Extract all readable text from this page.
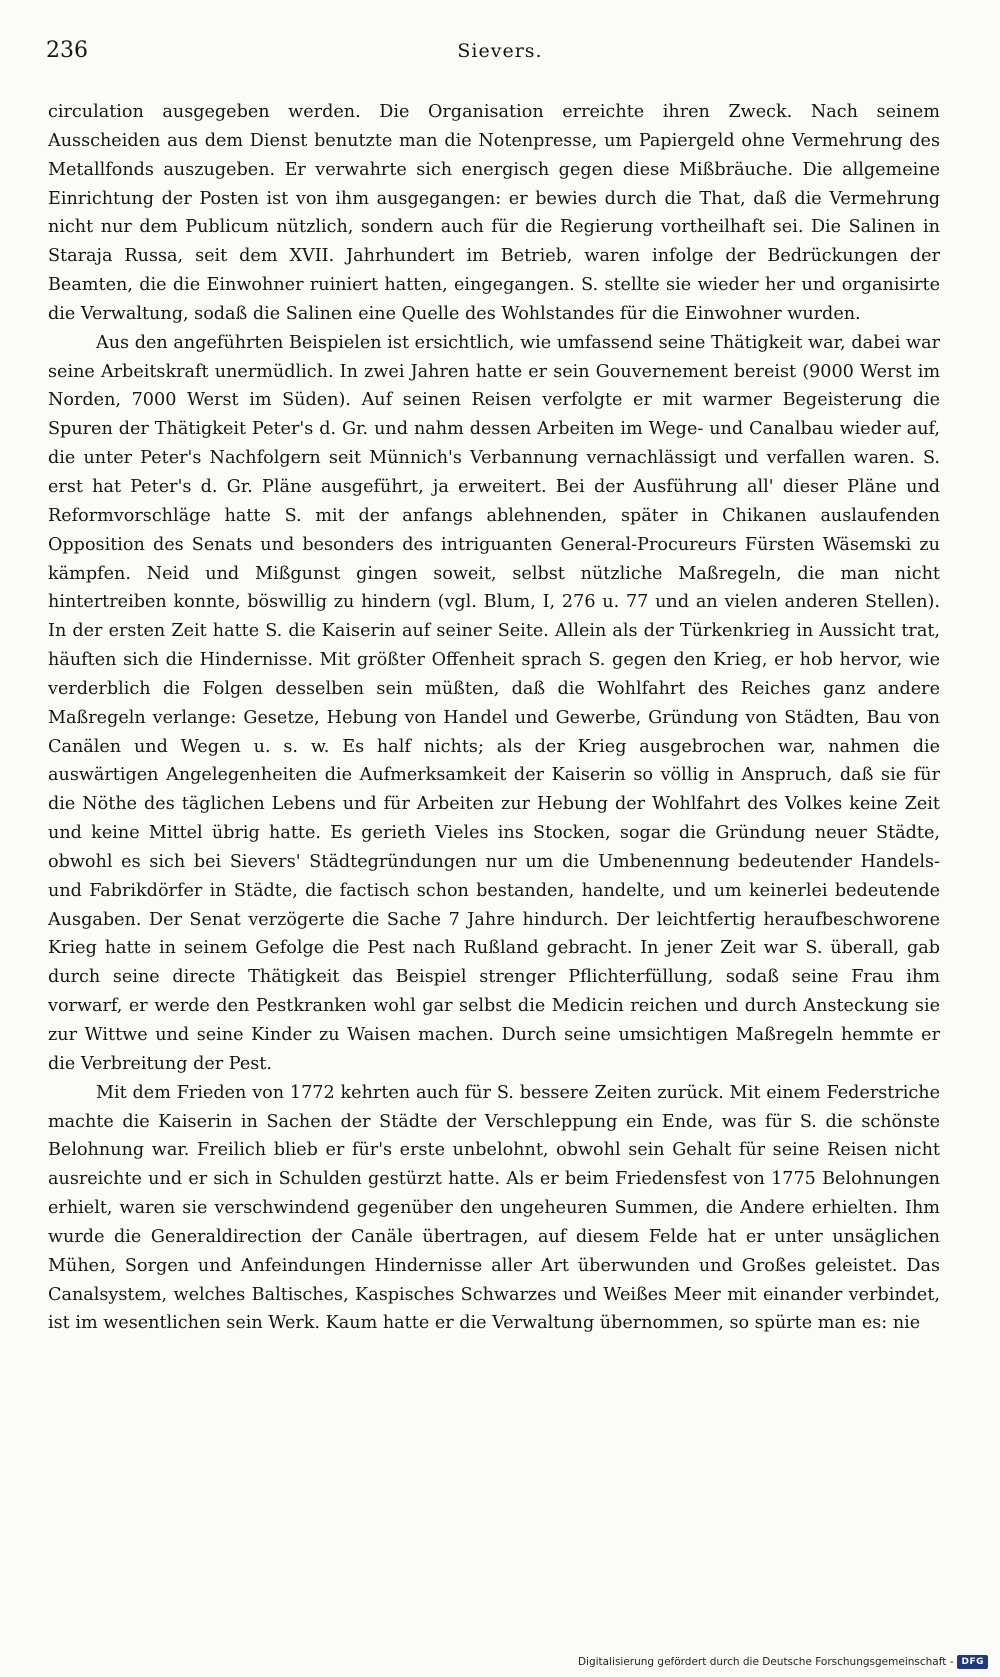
236	Sievers.

circulation ausgegeben werden. Die Organisation erreichte ihren Zweck. Nach seinem Ausscheiden aus dem Dienst benutzte man die Notenpresse, um Papiergeld ohne Vermehrung des Metallfonds auszugeben. Er verwahrte sich energisch gegen diese Mißbräuche. Die allgemeine Einrichtung der Posten ist von ihm ausgegangen: er bewies durch die That, daß die Vermehrung nicht nur dem Publicum nützlich, sondern auch für die Regierung vortheilhaft sei. Die Salinen in Staraja Russa, seit dem XVII. Jahrhundert im Betrieb, waren infolge der Bedrückungen der Beamten, die die Einwohner ruiniert hatten, eingegangen. S. stellte sie wieder her und organisirte die Verwaltung, sodaß die Salinen eine Quelle des Wohlstandes für die Einwohner wurden.

Aus den angeführten Beispielen ist ersichtlich, wie umfassend seine Thätigkeit war, dabei war seine Arbeitskraft unermüdlich. In zwei Jahren hatte er sein Gouvernement bereist (9000 Werst im Norden, 7000 Werst im Süden). Auf seinen Reisen verfolgte er mit warmer Begeisterung die Spuren der Thätigkeit Peter's d. Gr. und nahm dessen Arbeiten im Wege- und Canalbau wieder auf, die unter Peter's Nachfolgern seit Münnich's Verbannung vernachlässigt und verfallen waren. S. erst hat Peter's d. Gr. Pläne ausgeführt, ja erweitert. Bei der Ausführung all' dieser Pläne und Reformvorschläge hatte S. mit der anfangs ablehnenden, später in Chikanen auslaufenden Opposition des Senats und besonders des intriguanten General-Procureurs Fürsten Wäsemski zu kämpfen. Neid und Mißgunst gingen soweit, selbst nützliche Maßregeln, die man nicht hintertreiben konnte, böswillig zu hindern (vgl. Blum, I, 276 u. 77 und an vielen anderen Stellen). In der ersten Zeit hatte S. die Kaiserin auf seiner Seite. Allein als der Türkenkrieg in Aussicht trat, häuften sich die Hindernisse. Mit größter Offenheit sprach S. gegen den Krieg, er hob hervor, wie verderblich die Folgen desselben sein müßten, daß die Wohlfahrt des Reiches ganz andere Maßregeln verlange: Gesetze, Hebung von Handel und Gewerbe, Gründung von Städten, Bau von Canälen und Wegen u. s. w. Es half nichts; als der Krieg ausgebrochen war, nahmen die auswärtigen Angelegenheiten die Aufmerksamkeit der Kaiserin so völlig in Anspruch, daß sie für die Nöthe des täglichen Lebens und für Arbeiten zur Hebung der Wohlfahrt des Volkes keine Zeit und keine Mittel übrig hatte. Es gerieth Vieles ins Stocken, sogar die Gründung neuer Städte, obwohl es sich bei Sievers' Städtegründungen nur um die Umbenennung bedeutender Handels- und Fabrikdörfer in Städte, die factisch schon bestanden, handelte, und um keinerlei bedeutende Ausgaben. Der Senat verzögerte die Sache 7 Jahre hindurch. Der leichtfertig heraufbeschworene Krieg hatte in seinem Gefolge die Pest nach Rußland gebracht. In jener Zeit war S. überall, gab durch seine directe Thätigkeit das Beispiel strenger Pflichterfüllung, sodaß seine Frau ihm vorwarf, er werde den Pestkranken wohl gar selbst die Medicin reichen und durch Ansteckung sie zur Wittwe und seine Kinder zu Waisen machen. Durch seine umsichtigen Maßregeln hemmte er die Verbreitung der Pest.

Mit dem Frieden von 1772 kehrten auch für S. bessere Zeiten zurück. Mit einem Federstriche machte die Kaiserin in Sachen der Städte der Verschleppung ein Ende, was für S. die schönste Belohnung war. Freilich blieb er für's erste unbelohnt, obwohl sein Gehalt für seine Reisen nicht ausreichte und er sich in Schulden gestürzt hatte. Als er beim Friedensfest von 1775 Belohnungen erhielt, waren sie verschwindend gegenüber den ungeheuren Summen, die Andere erhielten. Ihm wurde die Generaldirection der Canäle übertragen, auf diesem Felde hat er unter unsäglichen Mühen, Sorgen und Anfeindungen Hindernisse aller Art überwunden und Großes geleistet. Das Canalsystem, welches Baltisches, Kaspisches Schwarzes und Weißes Meer mit einander verbindet, ist im wesentlichen sein Werk. Kaum hatte er die Verwaltung übernommen, so spürte man es: nie

Digitalisierung gefördert durch die Deutsche Forschungsgemeinschaft - DFG
